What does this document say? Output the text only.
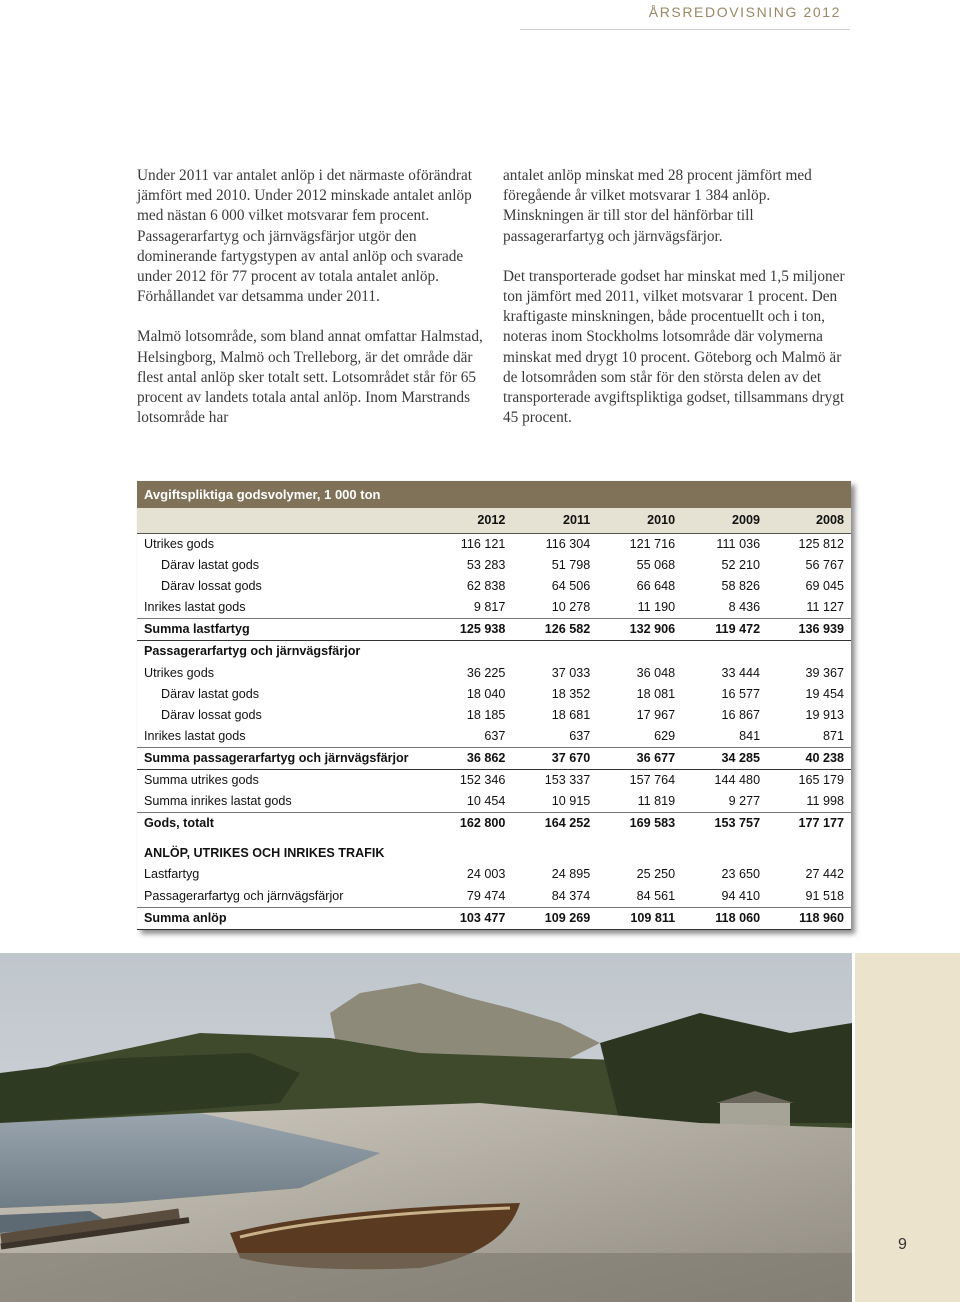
ÅRSREDOVISNING 2012

Under 2011 var antalet anlöp i det närmaste oförändrat jämfört med 2010. Under 2012 minskade antalet anlöp med nästan 6 000 vilket motsvarar fem procent. Passagerarfartyg och järnvägsfärjor utgör den dominerande fartygstypen av antal anlöp och svarade under 2012 för 77 procent av totala antalet anlöp. Förhållandet var detsamma under 2011.

Malmö lotsområde, som bland annat omfattar Halmstad, Helsingborg, Malmö och Trelleborg, är det område där flest antal anlöp sker totalt sett. Lotsområdet står för 65 procent av landets totala antal anlöp. Inom Marstrands lotsområde har

antalet anlöp minskat med 28 procent jämfört med föregående år vilket motsvarar 1 384 anlöp. Minskningen är till stor del hänförbar till passagerarfartyg och järnvägsfärjor.

Det transporterade godset har minskat med 1,5 miljoner ton jämfört med 2011, vilket motsvarar 1 procent. Den kraftigaste minskningen, både procentuellt och i ton, noteras inom Stockholms lotsområde där volymerna minskat med drygt 10 procent. Göteborg och Malmö är de lotsområden som står för den största delen av det transporterade avgiftspliktiga godset, tillsammans drygt 45 procent.

Avgiftspliktiga godsvolymer, 1 000 ton
2012	2011	2010	2009	2008
Utrikes gods	116 121	116 304	121 716	111 036	125 812
Därav lastat gods	53 283	51 798	55 068	52 210	56 767
Därav lossat gods	62 838	64 506	66 648	58 826	69 045
Inrikes lastat gods	9 817	10 278	11 190	8 436	11 127
Summa lastfartyg	125 938	126 582	132 906	119 472	136 939
Passagerarfartyg och järnvägsfärjor
Utrikes gods	36 225	37 033	36 048	33 444	39 367
Därav lastat gods	18 040	18 352	18 081	16 577	19 454
Därav lossat gods	18 185	18 681	17 967	16 867	19 913
Inrikes lastat gods	637	637	629	841	871
Summa passagerarfartyg och järnvägsfärjor	36 862	37 670	36 677	34 285	40 238
Summa utrikes gods	152 346	153 337	157 764	144 480	165 179
Summa inrikes lastat gods	10 454	10 915	11 819	9 277	11 998
Gods, totalt	162 800	164 252	169 583	153 757	177 177
ANLÖP, UTRIKES OCH INRIKES TRAFIK
Lastfartyg	24 003	24 895	25 250	23 650	27 442
Passagerarfartyg och järnvägsfärjor	79 474	84 374	84 561	94 410	91 518
Summa anlöp	103 477	109 269	109 811	118 060	118 960
9
